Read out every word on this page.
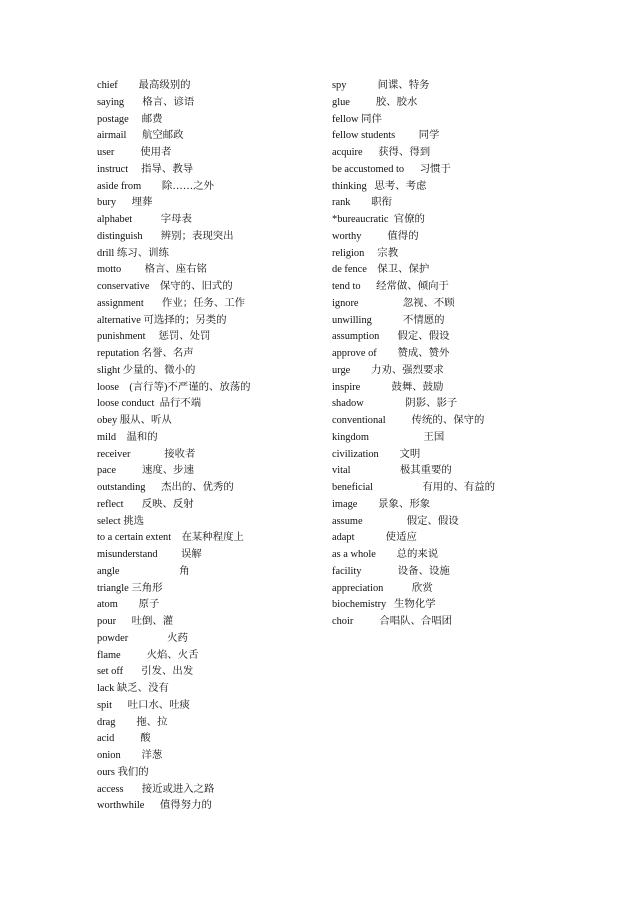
chief        最高级别的
saying       格言、谚语
postage     邮费
airmail      航空邮政
user          使用者
instruct     指导、教导
aside from        除……之外
bury      埋葬
alphabet           字母表
distinguish       辨别；表现突出
drill 练习、训练
motto         格言、座右铭
conservative    保守的、旧式的
assignment       作业；任务、工作
alternative 可选择的；另类的
punishment     惩罚、处罚
reputation 名誉、名声
slight 少量的、微小的
loose    (言行等)不严谨的、放荡的
loose conduct  品行不端
obey 服从、听从
mild    温和的
receiver             接收者
pace          速度、步速
outstanding      杰出的、优秀的
reflect       反映、反射
select 挑选
to a certain extent    在某种程度上
misunderstand         误解
angle                       角
triangle 三角形
atom        原子
pour      吐倒、灌
powder               火药
flame          火焰、火舌
set off       引发、出发
lack 缺乏、没有
spit      吐口水、吐痰
drag        拖、拉
acid          酸
onion        洋葱
ours 我们的
access       接近或进入之路
worthwhile      值得努力的
spy            间谍、特务
glue          胶、胶水
fellow 同伴
fellow students         同学
acquire      获得、得到
be accustomed to      习惯于
thinking   思考、考虑
rank        职衔
*bureaucratic  官僚的
worthy          值得的
religion     宗教
de fence    保卫、保护
tend to      经常做、倾向于
ignore                 忽视、不顾
unwilling            不情愿的
assumption       假定、假设
approve of        赞成、赞外
urge        力劝、强烈要求
inspire            鼓舞、鼓励
shadow                阴影、影子
conventional          传统的、保守的
kingdom                     王国
civilization        文明
vital                   极其重要的
beneficial                   有用的、有益的
image        景象、形象
assume                 假定、假设
adapt            使适应
as a whole        总的来说
facility              设备、设施
appreciation           欣赏
biochemistry   生物化学
choir          合唱队、合唱团
